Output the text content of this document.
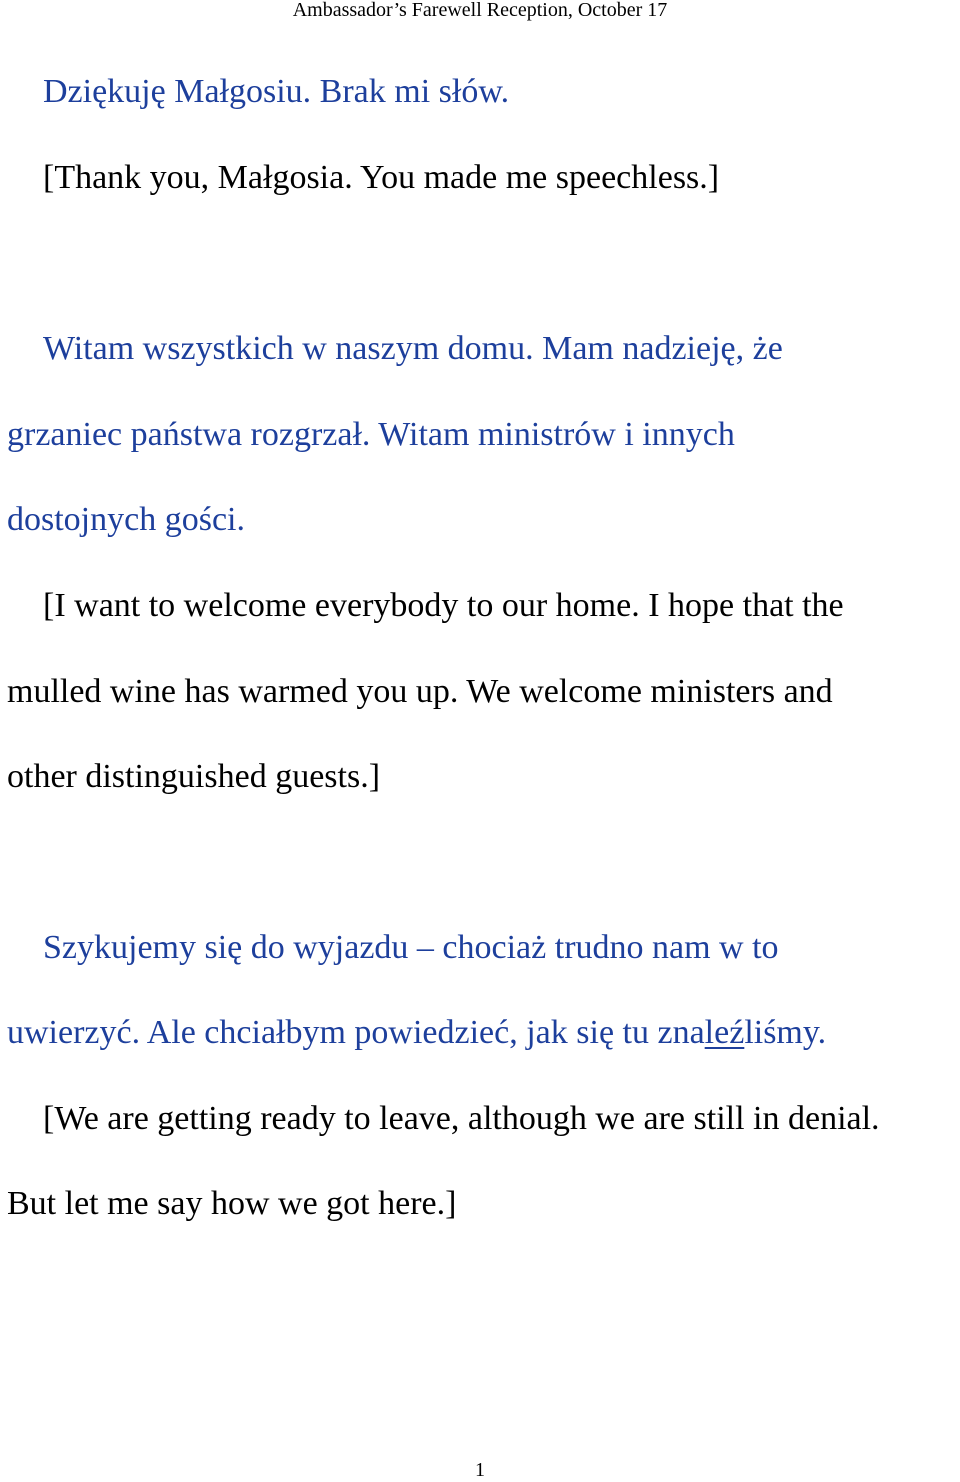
Ambassador’s Farewell Reception, October 17
Dziękuję Małgosiu. Brak mi słów.
[Thank you, Małgosia. You made me speechless.]
Witam wszystkich w naszym domu. Mam nadzieję, że
grzaniec państwa rozgrzał. Witam ministrów i innych
dostojnych gości.
[I want to welcome everybody to our home. I hope that the
mulled wine has warmed you up. We welcome ministers and
other distinguished guests.]
Szykujemy się do wyjazdu – chociaż trudno nam w to
uwierzyć. Ale chciałbym powiedzieć, jak się tu znaleźliśmy.
[We are getting ready to leave, although we are still in denial.
But let me say how we got here.]
1
